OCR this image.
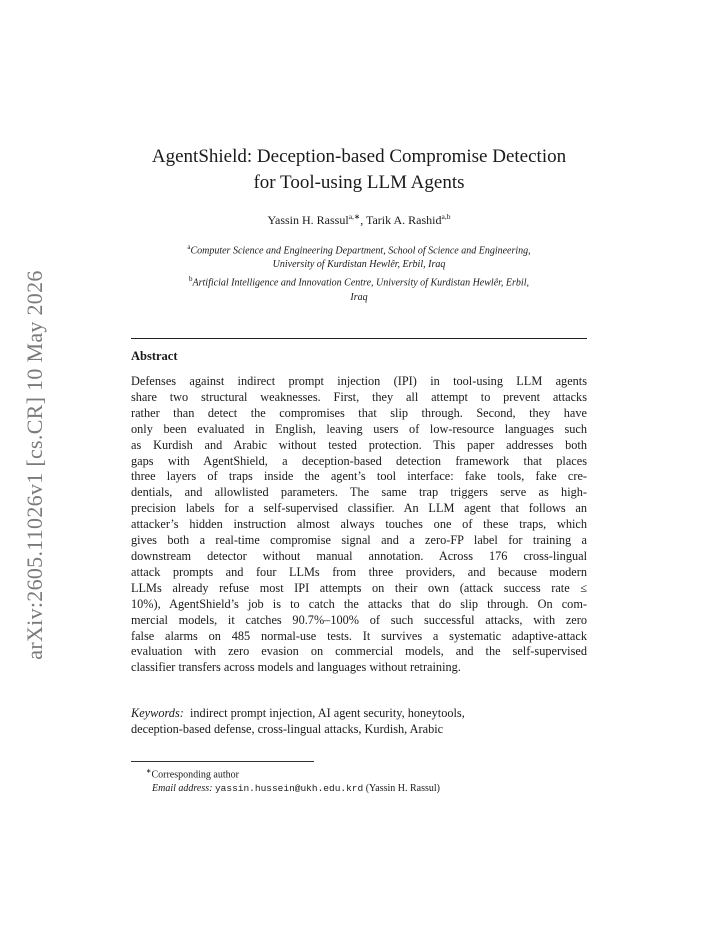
arXiv:2605.11026v1 [cs.CR] 10 May 2026
AgentShield: Deception-based Compromise Detection
for Tool-using LLM Agents
Yassin H. Rassul$^{a,∗}$, Tarik A. Rashid$^{a,b}$
$^a$Computer Science and Engineering Department, School of Science and Engineering,
University of Kurdistan Hewlêr, Erbil, Iraq
$^b$Artificial Intelligence and Innovation Centre, University of Kurdistan Hewlêr, Erbil,
Iraq
Abstract
Defenses against indirect prompt injection (IPI) in tool-using LLM agents
share two structural weaknesses. First, they all attempt to prevent attacks
rather than detect the compromises that slip through. Second, they have
only been evaluated in English, leaving users of low-resource languages such
as Kurdish and Arabic without tested protection. This paper addresses both
gaps with AgentShield, a deception-based detection framework that places
three layers of traps inside the agent’s tool interface: fake tools, fake cre-
dentials, and allowlisted parameters. The same trap triggers serve as high-
precision labels for a self-supervised classifier. An LLM agent that follows an
attacker’s hidden instruction almost always touches one of these traps, which
gives both a real-time compromise signal and a zero-FP label for training a
downstream detector without manual annotation. Across 176 cross-lingual
attack prompts and four LLMs from three providers, and because modern
LLMs already refuse most IPI attempts on their own (attack success rate ≤
10%), AgentShield’s job is to catch the attacks that do slip through. On com-
mercial models, it catches 90.7%–100% of such successful attacks, with zero
false alarms on 485 normal-use tests. It survives a systematic adaptive-attack
evaluation with zero evasion on commercial models, and the self-supervised
classifier transfers across models and languages without retraining.
Keywords: indirect prompt injection, AI agent security, honeytools,
deception-based defense, cross-lingual attacks, Kurdish, Arabic
∗Corresponding author
Email address: yassin.hussein@ukh.edu.krd (Yassin H. Rassul)
